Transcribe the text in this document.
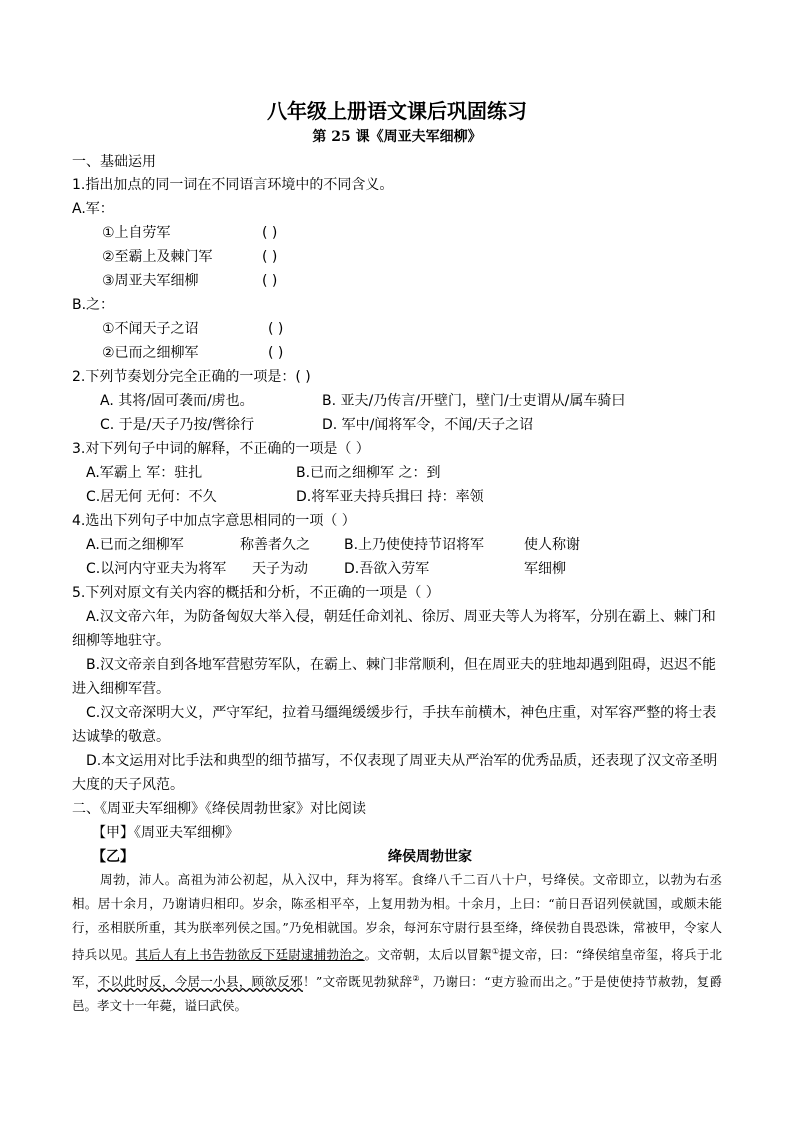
八年级上册语文课后巩固练习
第 25 课《周亚夫军细柳》
一、基础运用
1.指出加点的同一词在不同语言环境中的不同含义。
A.军：
①上自劳军	( )
②至霸上及棘门军	( )
③周亚夫军细柳	( )
B.之：
①不闻天子之诏	( )
②已而之细柳军	( )
2.下列节奏划分完全正确的一项是：( )
A. 其将/固可袭而/虏也。	B. 亚夫/乃传言/开壁门，壁门/士吏谓从/属车骑曰
C. 于是/天子乃按/辔徐行	D. 军中/闻将军令，不闻/天子之诏
3.对下列句子中词的解释，不正确的一项是（ ）
A.军霸上 军：驻扎	B.已而之细柳军 之：到
C.居无何 无何：不久	D.将军亚夫持兵揖曰 持：率领
4.选出下列句子中加点字意思相同的一项（ ）
A.已而之细柳军	称善者久之 B.上乃使使持节诏将军	使人称谢
C.以河内守亚夫为将军 天子为动	D.吾欲入劳军	军细柳
5.下列对原文有关内容的概括和分析，不正确的一项是（ ）
A.汉文帝六年，为防备匈奴大举入侵，朝廷任命刘礼、徐厉、周亚夫等人为将军，分别在霸上、棘门和
细柳等地驻守。
B.汉文帝亲自到各地军营慰劳军队，在霸上、棘门非常顺利，但在周亚夫的驻地却遇到阻碍，迟迟不能
进入细柳军营。
C.汉文帝深明大义，严守军纪，拉着马缰绳缓缓步行，手扶车前横木，神色庄重，对军容严整的将士表
达诚挚的敬意。
D.本文运用对比手法和典型的细节描写，不仅表现了周亚夫从严治军的优秀品质，还表现了汉文帝圣明
大度的天子风范。
二、《周亚夫军细柳》《绛侯周勃世家》对比阅读
【甲】《周亚夫军细柳》
【乙】	绛侯周勃世家
周勃，沛人。高祖为沛公初起，从入汉中，拜为将军。食绛八千二百八十户，号绛侯。文帝即立，以勃为右丞相。居十余月，乃谢请归相印。岁余，陈丞相平卒，上复用勃为相。十余月，上曰：“前日吾诏列侯就国，或颇未能行，丞相朕所重，其为朕率列侯之国。”乃免相就国。岁余，每河东守尉行县至绛，绛侯勃自畏恐诛，常被甲，令家人持兵以见。其后人有上书告勃欲反下廷尉逮捕勃治之。文帝朝，太后以冒絮①提文帝，曰：“绛侯绾皇帝玺，将兵于北军，不以此时反，今居一小县，顾欲反邪！”文帝既见勃狱辞②，乃谢曰：“吏方验而出之。”于是使使持节赦勃，复爵邑。孝文十一年薨，谥曰武侯。
